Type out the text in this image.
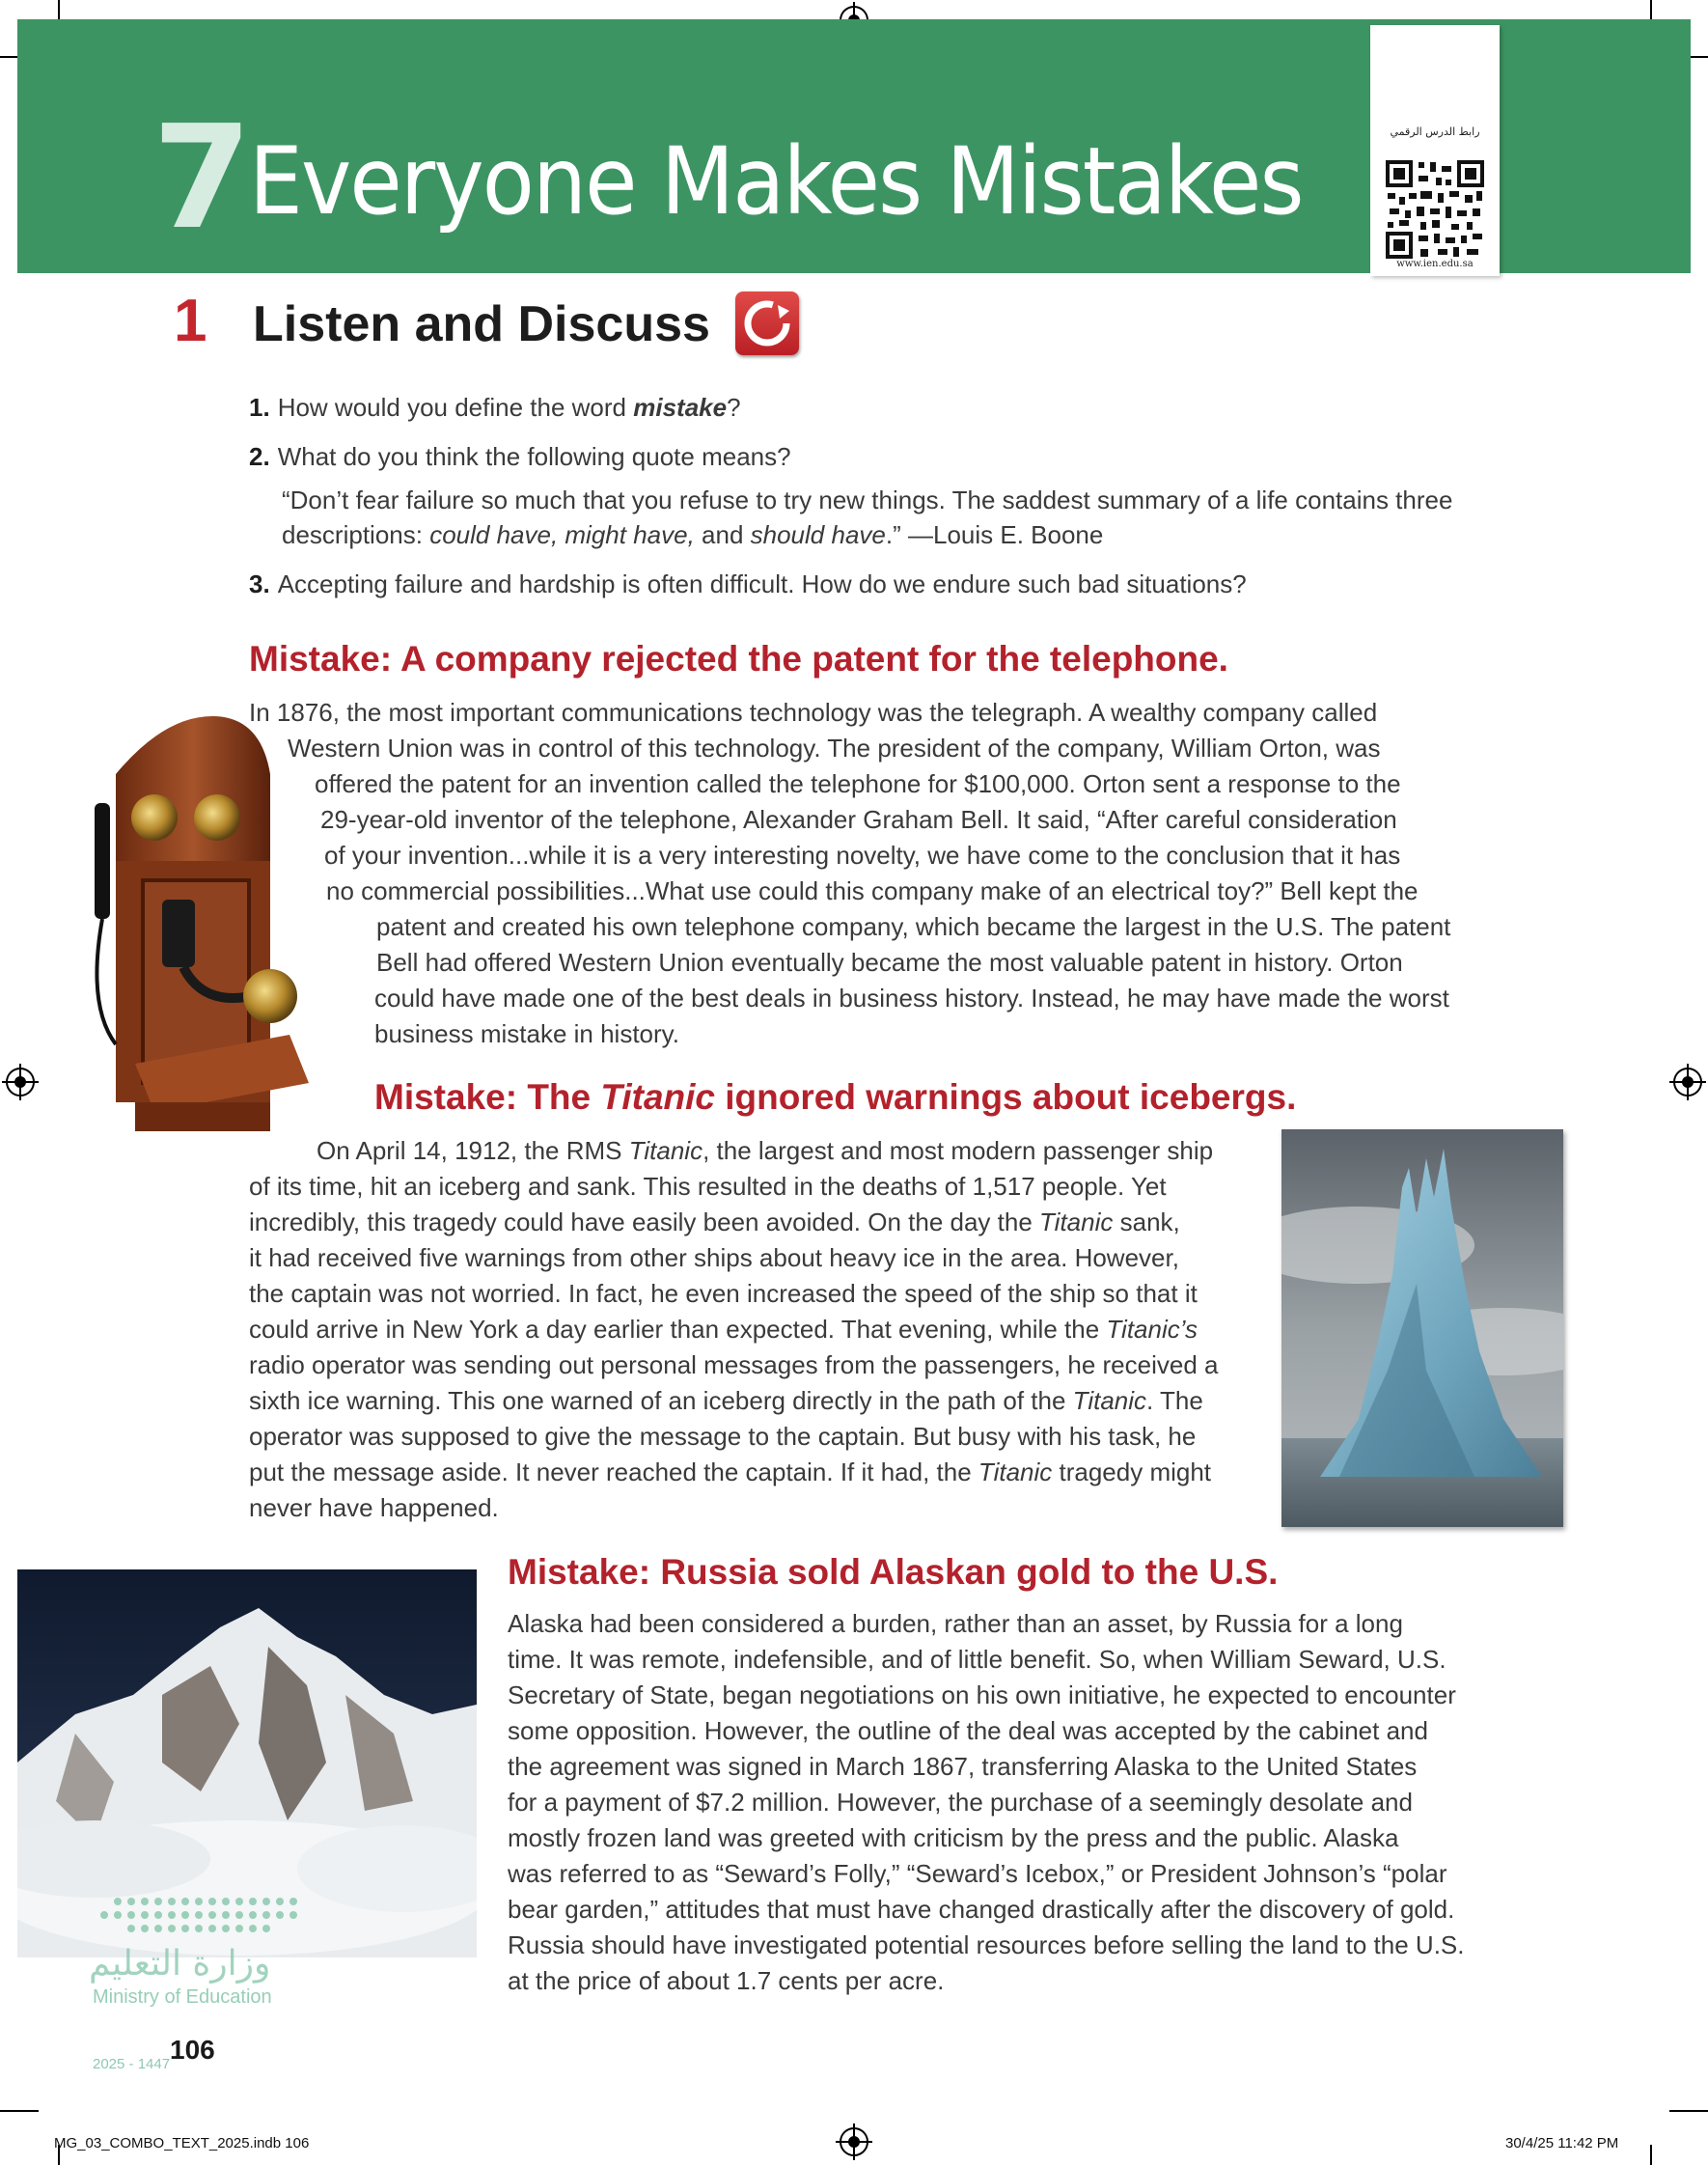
7 Everyone Makes Mistakes	رابط الدرس الرقمي
www.ien.edu.sa
1 Listen and Discuss
1. How would you define the word mistake?
2. What do you think the following quote means?
“Don’t fear failure so much that you refuse to try new things. The saddest summary of a life contains three
descriptions: could have, might have, and should have.” —Louis E. Boone
3. Accepting failure and hardship is often difficult. How do we endure such bad situations?
Mistake: A company rejected the patent for the telephone.
In 1876, the most important communications technology was the telegraph. A wealthy company called
Western Union was in control of this technology. The president of the company, William Orton, was
offered the patent for an invention called the telephone for $100,000. Orton sent a response to the
29-year-old inventor of the telephone, Alexander Graham Bell. It said, “After careful consideration
of your invention...while it is a very interesting novelty, we have come to the conclusion that it has
no commercial possibilities...What use could this company make of an electrical toy?” Bell kept the
patent and created his own telephone company, which became the largest in the U.S. The patent
Bell had offered Western Union eventually became the most valuable patent in history. Orton
could have made one of the best deals in business history. Instead, he may have made the worst
business mistake in history.
Mistake: The Titanic ignored warnings about icebergs.
On April 14, 1912, the RMS Titanic, the largest and most modern passenger ship
of its time, hit an iceberg and sank. This resulted in the deaths of 1,517 people. Yet
incredibly, this tragedy could have easily been avoided. On the day the Titanic sank,
it had received five warnings from other ships about heavy ice in the area. However,
the captain was not worried. In fact, he even increased the speed of the ship so that it
could arrive in New York a day earlier than expected. That evening, while the Titanic’s
radio operator was sending out personal messages from the passengers, he received a
sixth ice warning. This one warned of an iceberg directly in the path of the Titanic. The
operator was supposed to give the message to the captain. But busy with his task, he
put the message aside. It never reached the captain. If it had, the Titanic tragedy might
never have happened.
Mistake: Russia sold Alaskan gold to the U.S.
Alaska had been considered a burden, rather than an asset, by Russia for a long
time. It was remote, indefensible, and of little benefit. So, when William Seward, U.S.
Secretary of State, began negotiations on his own initiative, he expected to encounter
some opposition. However, the outline of the deal was accepted by the cabinet and
the agreement was signed in March 1867, transferring Alaska to the United States
for a payment of $7.2 million. However, the purchase of a seemingly desolate and
mostly frozen land was greeted with criticism by the press and the public. Alaska
was referred to as “Seward’s Folly,” “Seward’s Icebox,” or President Johnson’s “polar
bear garden,” attitudes that must have changed drastically after the discovery of gold.
Russia should have investigated potential resources before selling the land to the U.S.
at the price of about 1.7 cents per acre.
وزارة التعليم
Ministry of Education
2025 - 1447 106
MG_03_COMBO_TEXT_2025.indb 106	30/4/25 11:42 PM
